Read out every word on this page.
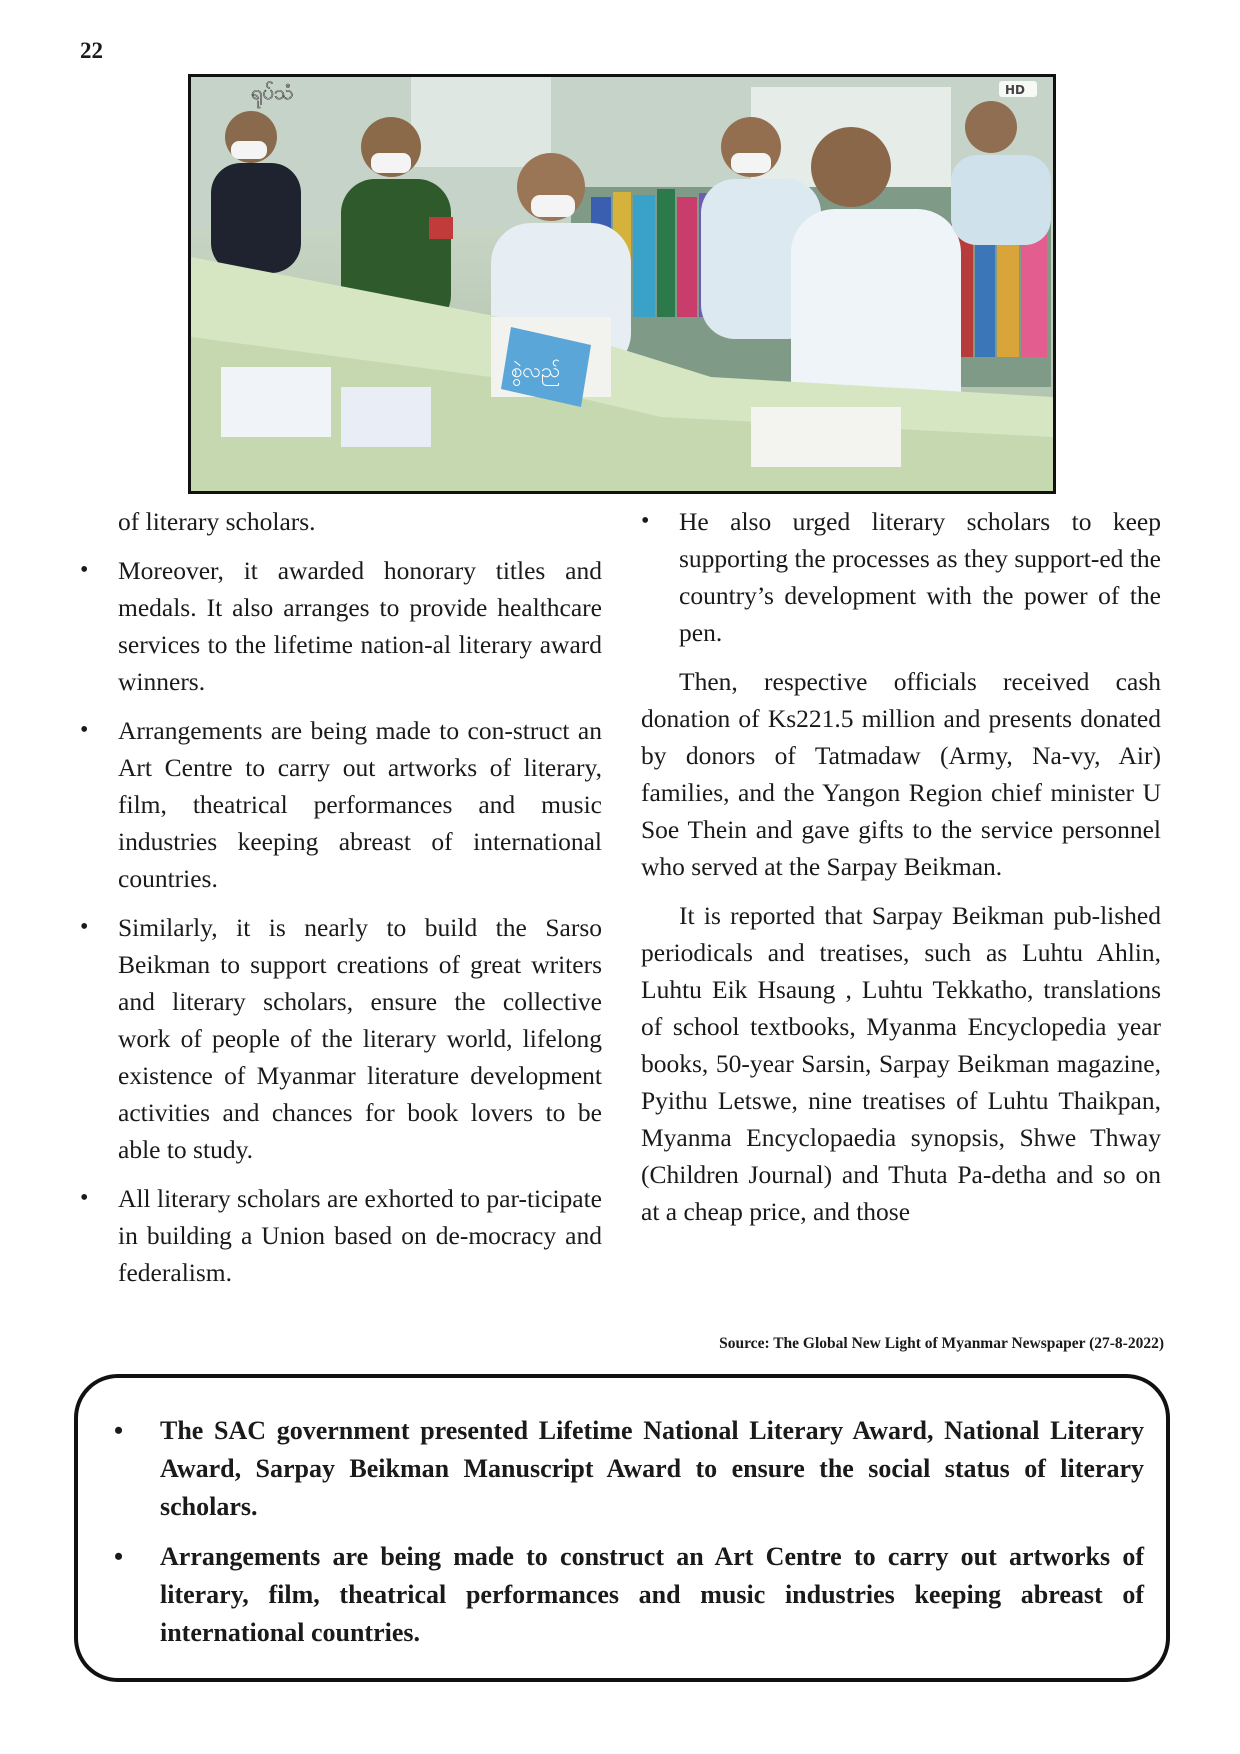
22
စွဲလည်
ရုပ်သံ	HD

of literary scholars.

• Moreover, it awarded honorary titles and medals. It also arranges to provide healthcare services to the lifetime nation-al literary award winners.
• Arrangements are being made to con-struct an Art Centre to carry out artworks of literary, film, theatrical performances and music industries keeping abreast of international countries.
• Similarly, it is nearly to build the Sarso Beikman to support creations of great writers and literary scholars, ensure the collective work of people of the literary world, lifelong existence of Myanmar literature development activities and chances for book lovers to be able to study.
• All literary scholars are exhorted to par-ticipate in building a Union based on de-mocracy and federalism.
• He also urged literary scholars to keep supporting the processes as they support-ed the country’s development with the power of the pen.

Then, respective officials received cash donation of Ks221.5 million and presents donated by donors of Tatmadaw (Army, Na-vy, Air) families, and the Yangon Region chief minister U Soe Thein and gave gifts to the service personnel who served at the Sarpay Beikman.

It is reported that Sarpay Beikman pub-lished periodicals and treatises, such as Luhtu Ahlin, Luhtu Eik Hsaung , Luhtu Tekkatho, translations of school textbooks, Myanma Encyclopedia year books, 50-year Sarsin, Sarpay Beikman magazine, Pyithu Letswe, nine treatises of Luhtu Thaikpan, Myanma Encyclopaedia synopsis, Shwe Thway (Children Journal) and Thuta Pa-detha and so on at a cheap price, and those

Source: The Global New Light of Myanmar Newspaper (27-8-2022)
• The SAC government presented Lifetime National Literary Award, National Literary Award, Sarpay Beikman Manuscript Award to ensure the social status of literary scholars.
• Arrangements are being made to construct an Art Centre to carry out artworks of literary, film, theatrical performances and music industries keeping abreast of international countries.
